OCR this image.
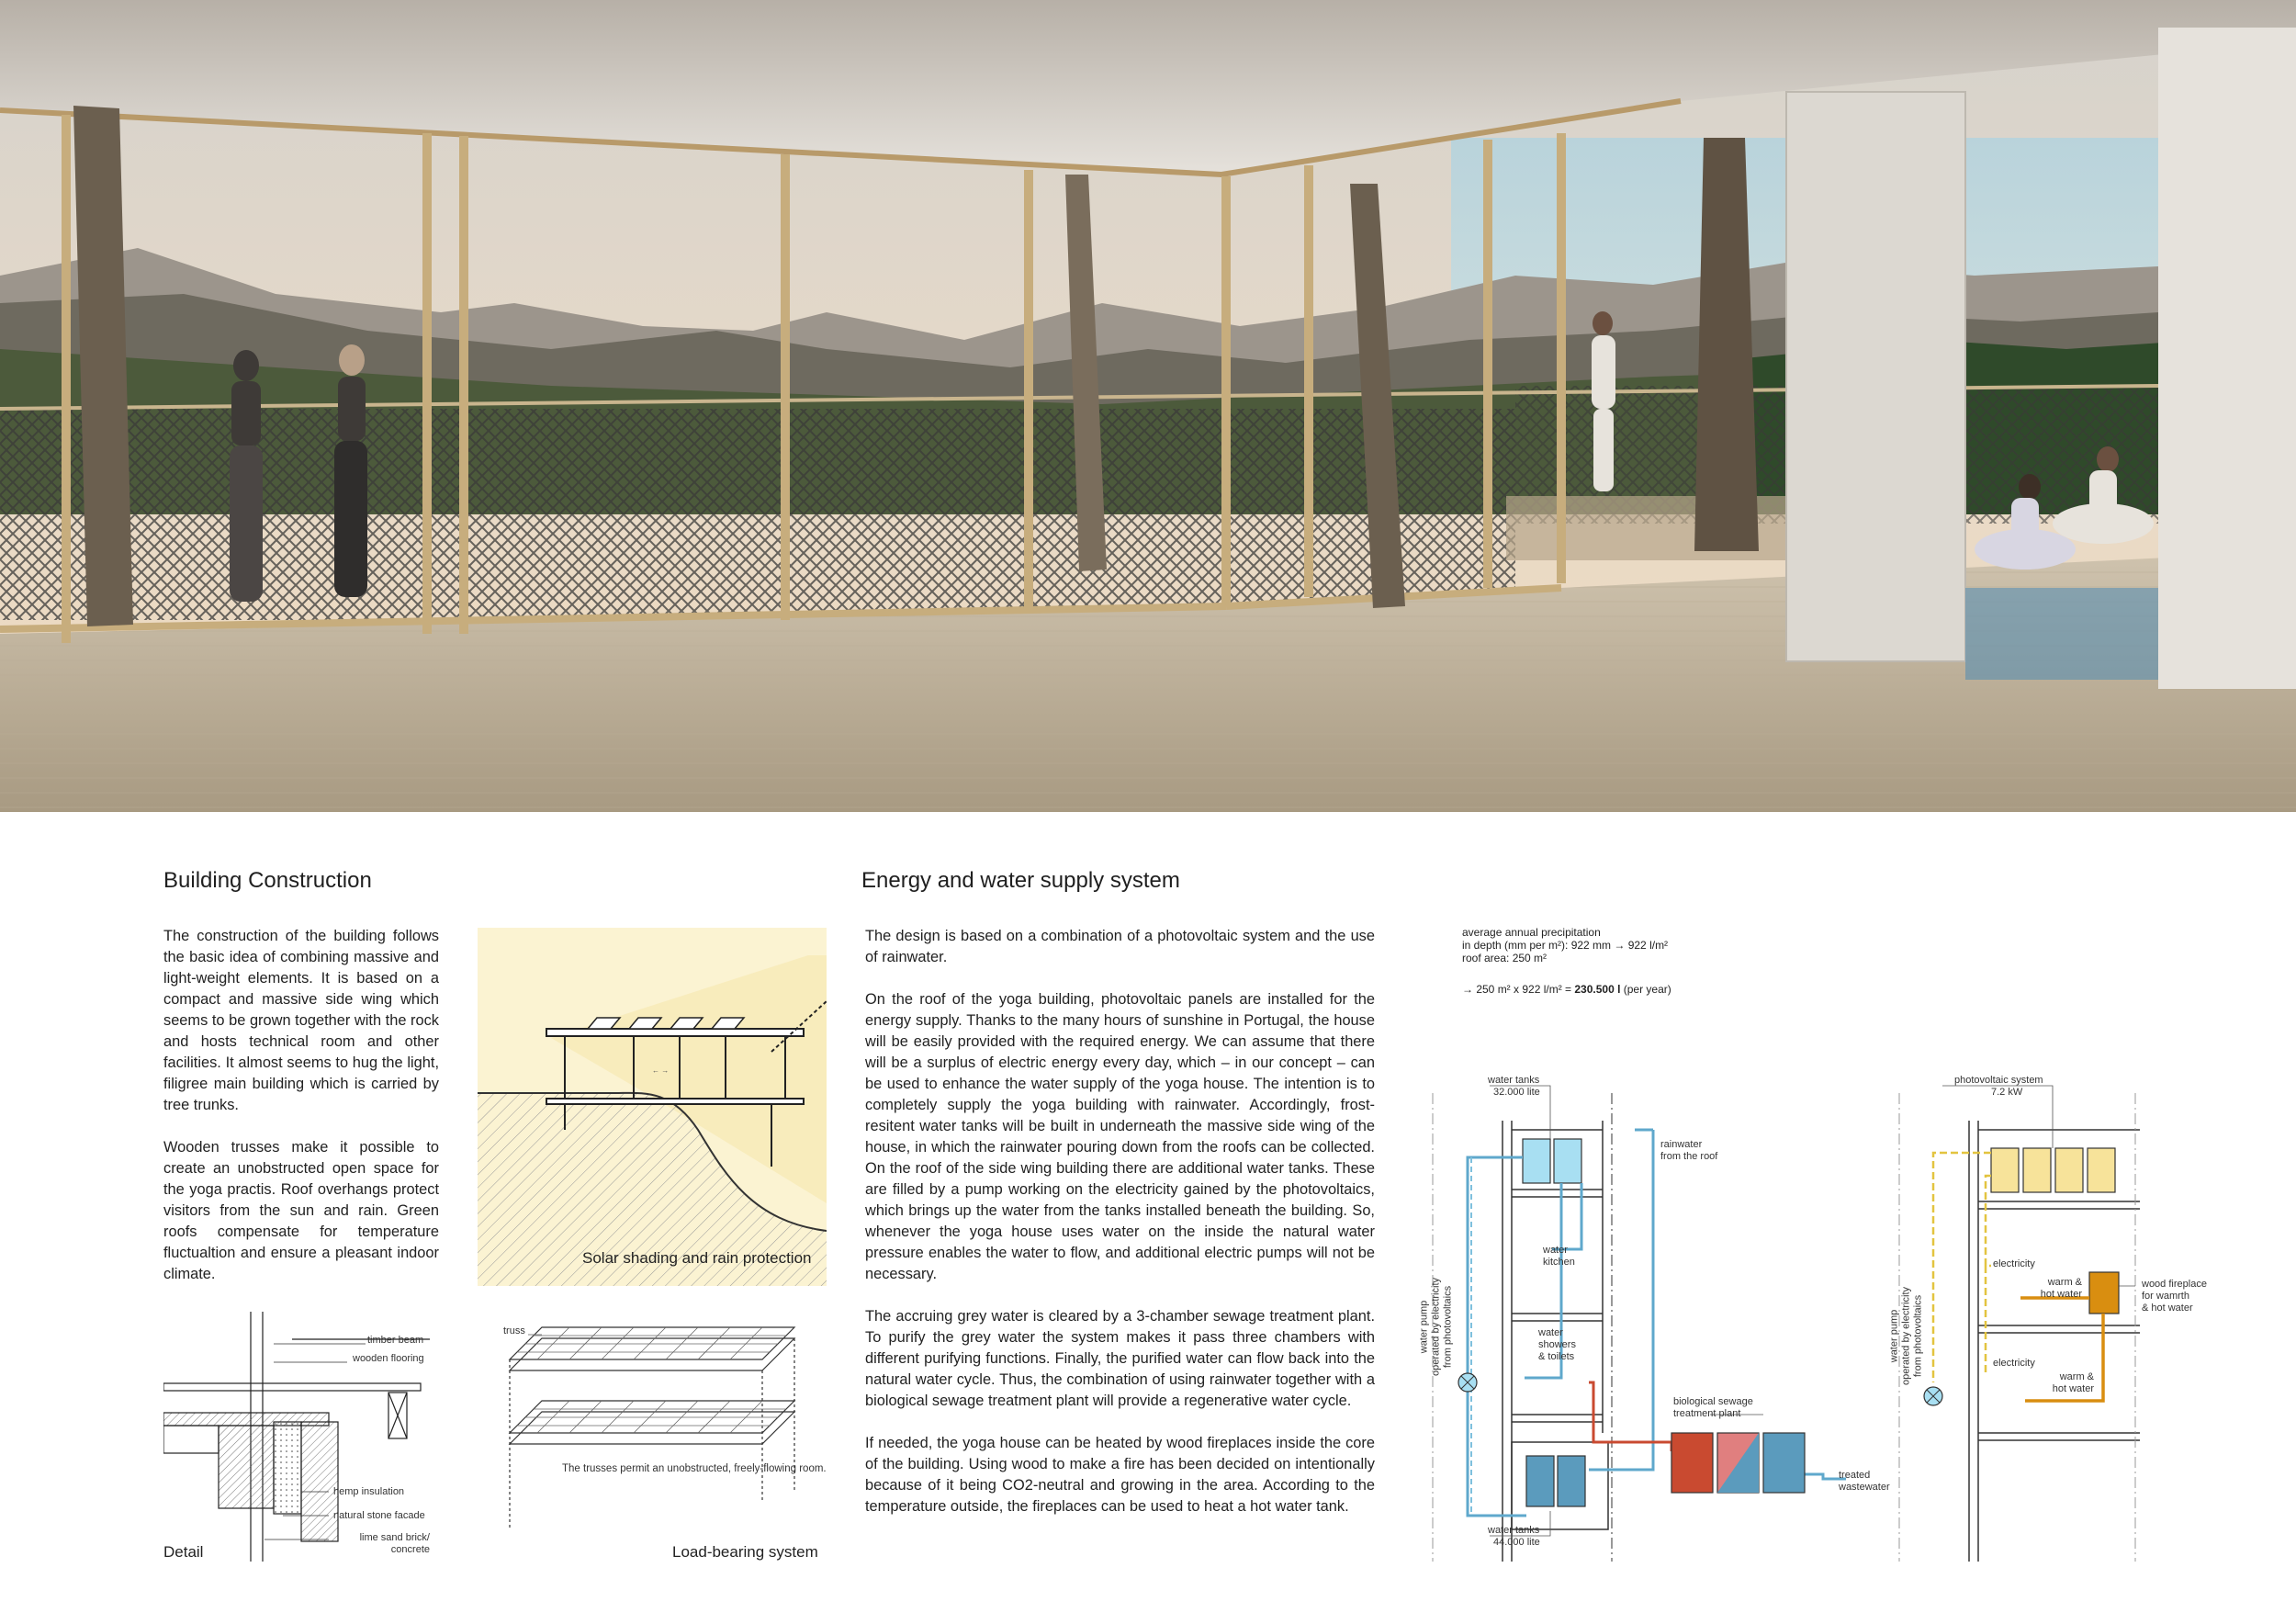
Building Construction

The construction of the building follows the basic idea of combining massive and light-weight elements. It is based on a compact and massive side wing which seems to be grown together with the rock and hosts technical room and other facilities. It almost seems to hug the light, filigree main building which is carried by tree trunks.

Wooden trusses make it possible to create an unobstructed open space for the yoga practis. Roof overhangs protect visitors from the sun and rain. Green roofs compensate for temperature fluctualtion and ensure a pleasant indoor climate.

← →
Solar shading and rain protection
timber beam
wooden flooring
hemp insulation
natural stone facade
lime sand brick/
concrete
Detail
truss
The trusses permit an unobstructed, freely-flowing room.
Load-bearing system
Energy and water supply system

The design is based on a combination of a photovoltaic system and the use of rainwater.

On the roof of the yoga building, photovoltaic panels are installed for the energy supply. Thanks to the many hours of sunshine in Portugal, the house will be easily provided with the required energy. We can assume that there will be a surplus of electric energy every day, which – in our concept – can be used to enhance the water supply of the yoga house. The intention is to completely supply the yoga building with rainwater. Accordingly, frost-resitent water tanks will be built in underneath the massive side wing of the house, in which the rainwater pouring down from the roofs can be collected. On the roof of the side wing building there are additional water tanks. These are filled by a pump working on the electricity gained by the photovoltaics, which brings up the water from the tanks installed beneath the building. So, whenever the yoga house uses water on the inside the natural water pressure enables the water to flow, and additional electric pumps will not be necessary.

The accruing grey water is cleared by a 3-chamber sewage treatment plant. To purify the grey water the system makes it pass three chambers with different purifying functions. Finally, the purified water can flow back into the natural water cycle. Thus, the combination of using rainwater together with a biological sewage treatment plant will provide a regenerative water cycle.

If needed, the yoga house can be heated by wood fireplaces inside the core of the building. Using wood to make a fire has been decided on intentionally because of it being CO2-neutral and growing in the area. According to the temperature outside, the fireplaces can be used to heat a hot water tank.

average annual precipitation
in depth (mm per m²): 922 mm → 922 l/m²
roof area: 250 m²
→ 250 m² x 922 l/m² = 230.500 l (per year)
water tanks
32.000 lite
rainwater
from the roof
water
kitchen
water
showers
& toilets
water pump
operated by electricity
from photovoltaics
biological sewage
treatment plant
treated
wastewater
water tanks
44.000 lite
photovoltaic system
7.2 kW
electricity
warm &
hot water
wood fireplace
for wamrth
& hot water
electricity
warm &
hot water
water pump
operated by electricity
from photovoltaics
